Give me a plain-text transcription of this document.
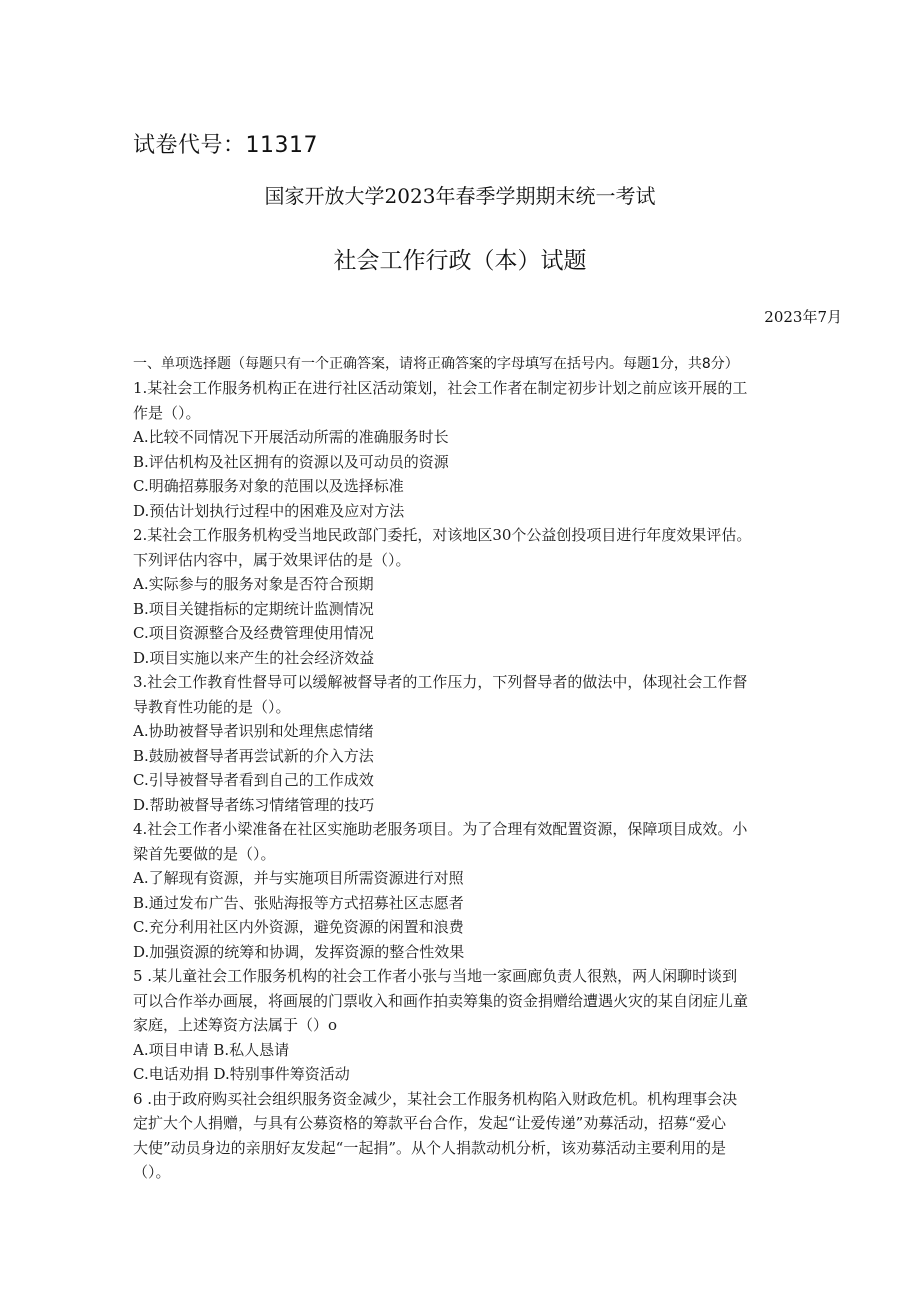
试卷代号：11317
国家开放大学2023年春季学期期末统一考试
社会工作行政（本）试题
2023年7月
一、单项选择题（每题只有一个正确答案，请将正确答案的字母填写在括号内。每题1分，共8分）
1.某社会工作服务机构正在进行社区活动策划，社会工作者在制定初步计划之前应该开展的工
作是（）。
A.比较不同情况下开展活动所需的准确服务时长
B.评估机构及社区拥有的资源以及可动员的资源
C.明确招募服务对象的范围以及选择标准
D.预估计划执行过程中的困难及应对方法
2.某社会工作服务机构受当地民政部门委托，对该地区30个公益创投项目进行年度效果评估。
下列评估内容中，属于效果评估的是（）。
A.实际参与的服务对象是否符合预期
B.项目关键指标的定期统计监测情况
C.项目资源整合及经费管理使用情况
D.项目实施以来产生的社会经济效益
3.社会工作教育性督导可以缓解被督导者的工作压力，下列督导者的做法中，体现社会工作督
导教育性功能的是（）。
A.协助被督导者识别和处理焦虑情绪
B.鼓励被督导者再尝试新的介入方法
C.引导被督导者看到自己的工作成效
D.帮助被督导者练习情绪管理的技巧
4.社会工作者小梁准备在社区实施助老服务项目。为了合理有效配置资源，保障项目成效。小
梁首先要做的是（）。
A.了解现有资源，并与实施项目所需资源进行对照
B.通过发布广告、张贴海报等方式招募社区志愿者
C.充分利用社区内外资源，避免资源的闲置和浪费
D.加强资源的统筹和协调，发挥资源的整合性效果
5 .某儿童社会工作服务机构的社会工作者小张与当地一家画廊负责人很熟，两人闲聊时谈到
可以合作举办画展，将画展的门票收入和画作拍卖筹集的资金捐赠给遭遇火灾的某自闭症儿童
家庭，上述筹资方法属于（）o
A.项目申请 B.私人恳请
C.电话劝捐 D.特别事件筹资活动
6 .由于政府购买社会组织服务资金减少，某社会工作服务机构陷入财政危机。机构理事会决
定扩大个人捐赠，与具有公募资格的筹款平台合作，发起“让爱传递”劝募活动，招募“爱心
大使”动员身边的亲朋好友发起“一起捐”。从个人捐款动机分析，该劝募活动主要利用的是
（）。
